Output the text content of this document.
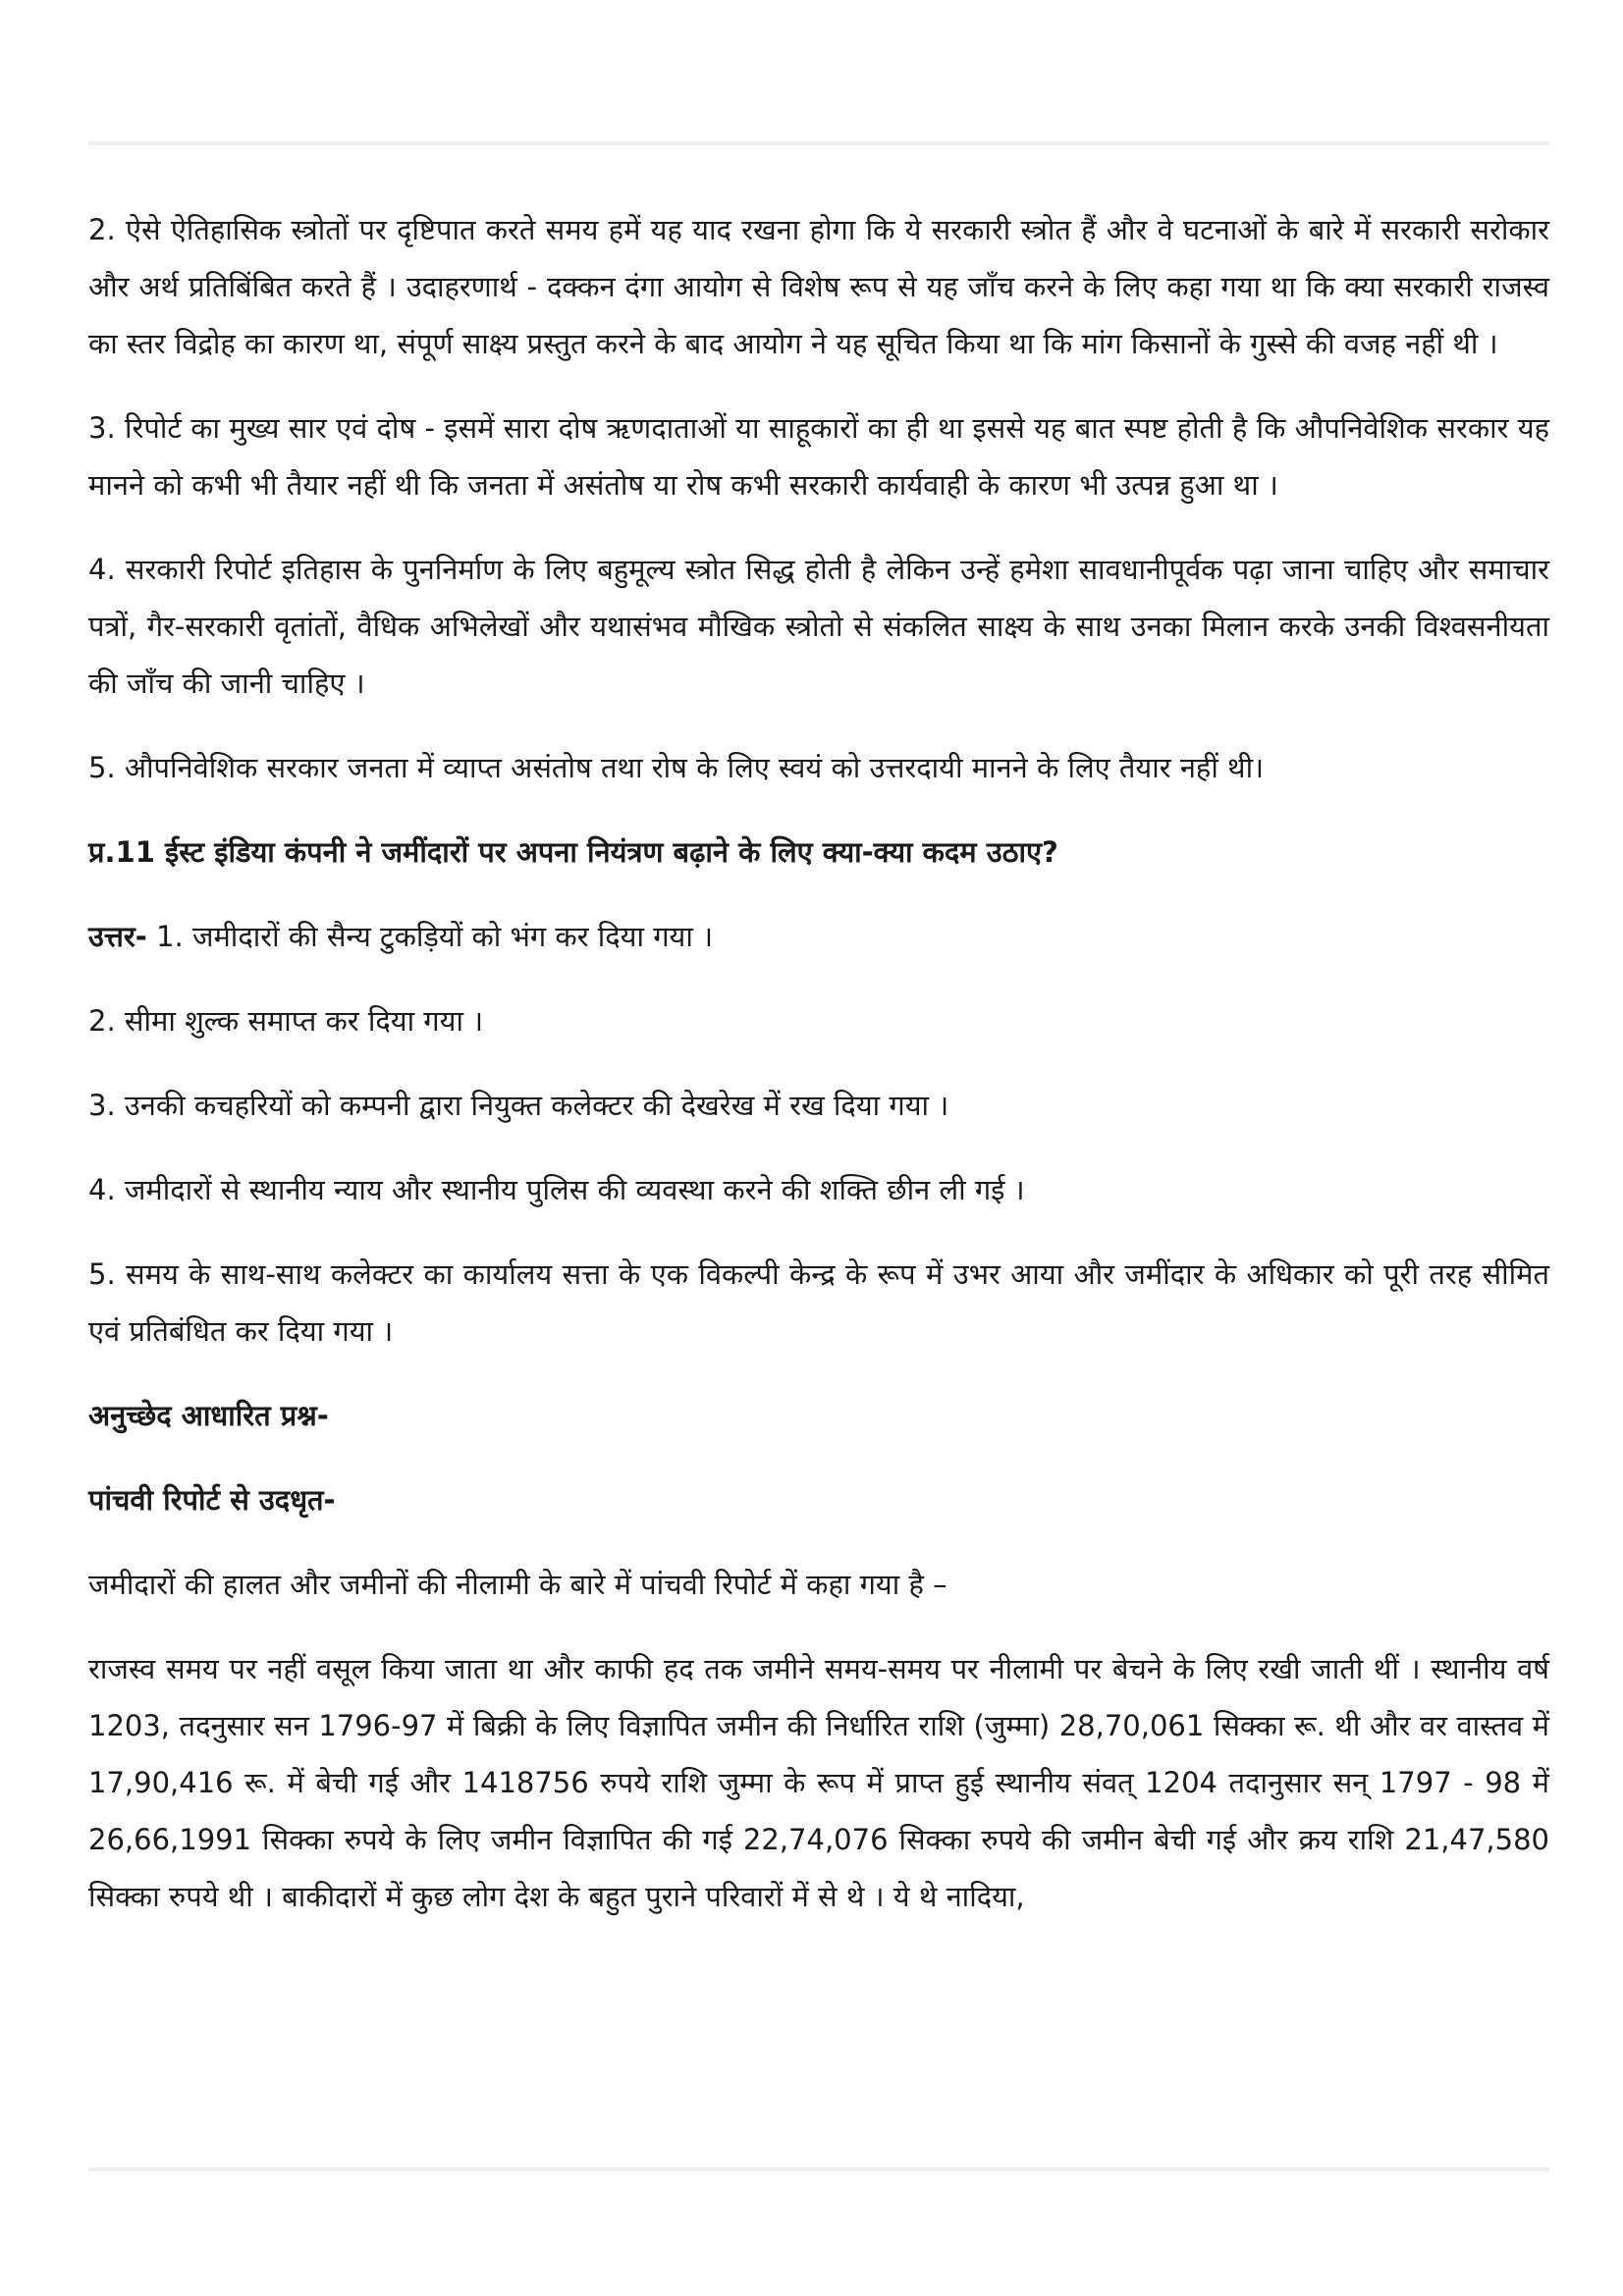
2. ऐसे ऐतिहासिक स्त्रोतों पर दृष्टिपात करते समय हमें यह याद रखना होगा कि ये सरकारी स्त्रोत हैं और वे घटनाओं के बारे में सरकारी सरोकार और अर्थ प्रतिबिंबित करते हैं । उदाहरणार्थ - दक्कन दंगा आयोग से विशेष रूप से यह जाँच करने के लिए कहा गया था कि क्या सरकारी राजस्व का स्तर विद्रोह का कारण था, संपूर्ण साक्ष्य प्रस्तुत करने के बाद आयोग ने यह सूचित किया था कि मांग किसानों के गुस्से की वजह नहीं थी ।

3. रिपोर्ट का मुख्य सार एवं दोष - इसमें सारा दोष ऋणदाताओं या साहूकारों का ही था इससे यह बात स्पष्ट होती है कि औपनिवेशिक सरकार यह मानने को कभी भी तैयार नहीं थी कि जनता में असंतोष या रोष कभी सरकारी कार्यवाही के कारण भी उत्पन्न हुआ था ।

4. सरकारी रिपोर्ट इतिहास के पुननिर्माण के लिए बहुमूल्य स्त्रोत सिद्ध होती है लेकिन उन्हें हमेशा सावधानीपूर्वक पढ़ा जाना चाहिए और समाचार पत्रों, गैर-सरकारी वृतांतों, वैधिक अभिलेखों और यथासंभव मौखिक स्त्रोतो से संकलित साक्ष्य के साथ उनका मिलान करके उनकी विश्वसनीयता की जाँच की जानी चाहिए ।

5. औपनिवेशिक सरकार जनता में व्याप्त असंतोष तथा रोष के लिए स्वयं को उत्तरदायी मानने के लिए तैयार नहीं थी।

प्र.11 ईस्ट इंडिया कंपनी ने जमींदारों पर अपना नियंत्रण बढ़ाने के लिए क्या-क्या कदम उठाए?

उत्तर- 1. जमीदारों की सैन्य टुकड़ियों को भंग कर दिया गया ।

2. सीमा शुल्क समाप्त कर दिया गया ।

3. उनकी कचहरियों को कम्पनी द्वारा नियुक्त कलेक्टर की देखरेख में रख दिया गया ।

4. जमीदारों से स्थानीय न्याय और स्थानीय पुलिस की व्यवस्था करने की शक्ति छीन ली गई ।

5. समय के साथ-साथ कलेक्टर का कार्यालय सत्ता के एक विकल्पी केन्द्र के रूप में उभर आया और जमींदार के अधिकार को पूरी तरह सीमित एवं प्रतिबंधित कर दिया गया ।

अनुच्छेद आधारित प्रश्न-

पांचवी रिपोर्ट से उदधृत-

जमीदारों की हालत और जमीनों की नीलामी के बारे में पांचवी रिपोर्ट में कहा गया है –

राजस्व समय पर नहीं वसूल किया जाता था और काफी हद तक जमीने समय-समय पर नीलामी पर बेचने के लिए रखी जाती थीं । स्थानीय वर्ष 1203, तदनुसार सन 1796-97 में बिक्री के लिए विज्ञापित जमीन की निर्धारित राशि (जुम्मा) 28,70,061 सिक्का रू. थी और वर वास्तव में 17,90,416 रू. में बेची गई और 1418756 रुपये राशि जुम्मा के रूप में प्राप्त हुई स्थानीय संवत् 1204 तदानुसार सन् 1797 - 98 में 26,66,1991 सिक्का रुपये के लिए जमीन विज्ञापित की गई 22,74,076 सिक्का रुपये की जमीन बेची गई और क्रय राशि 21,47,580 सिक्का रुपये थी । बाकीदारों में कुछ लोग देश के बहुत पुराने परिवारों में से थे । ये थे नादिया,
